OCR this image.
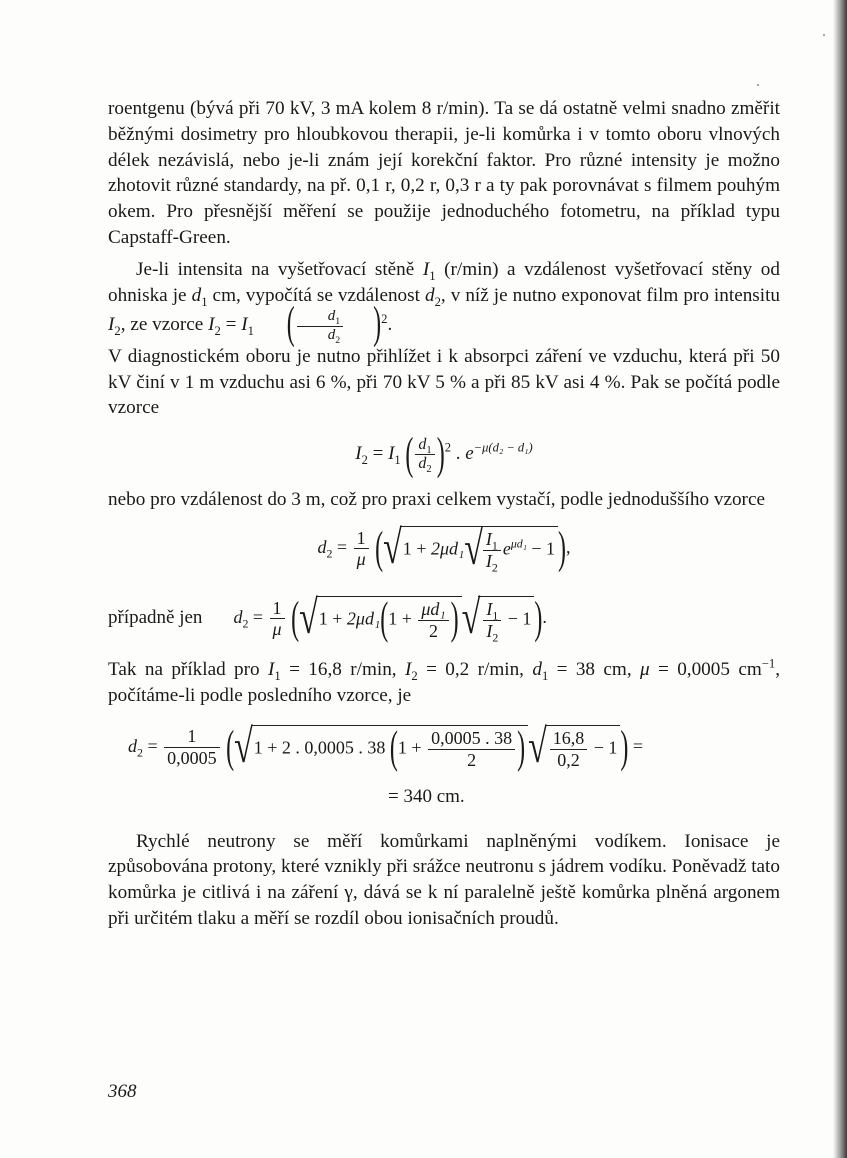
roentgenu (bývá při 70 kV, 3 mA kolem 8 r/min). Ta se dá ostatně velmi snadno změřit běžnými dosimetry pro hloubkovou therapii, je-li komůrka i v tomto oboru vlnových délek nezávislá, nebo je-li znám její korekční faktor. Pro různé intensity je možno zhotovit různé standardy, na př. 0,1 r, 0,2 r, 0,3 r a ty pak porovnávat s filmem pouhým okem. Pro přesnější měření se použije jednoduchého fotometru, na příklad typu Capstaff-Green.

Je-li intensita na vyšetřovací stěně $I_1$ (r/min) a vzdálenost vyšetřovací stěny od ohniska je $d_1$ cm, vypočítá se vzdálenost $d_2$, v níž je nutno exponovat film pro intensitu $I_2$, ze vzorce $I_2 = I_1$ ( $\frac{d_1}{d_2} )^2$.

V diagnostickém oboru je nutno přihlížet i k absorpci záření ve vzduchu, která při 50 kV činí v 1 m vzduchu asi 6 %, při 70 kV 5 % a při 85 kV asi 4 %. Pak se počítá podle vzorce

$I_2 = I_1$ ( $\frac{d_1}{d_2} )^2$ . $e^{-\mu(d_2 - d_1)}$

nebo pro vzdálenost do 3 m, což pro praxi celkem vystačí, podle jednoduššího vzorce

$d_2 = \frac{1}{\mu} (√1 + 2\mu d_1√ \frac{I_1}{I_2} e^{\mu d_1} - 1$ ),
případně jen $d_2 = \frac{1}{\mu} (√1 + 2\mu d_1(1 + \frac{\text{μd₁}}{2}$ )√ $\frac{I_1}{I_2} - 1$ ).

Tak na příklad pro $I_1 = 16,8$ r/min, $I_2 = 0,2$ r/min, $d_1 = 38$ cm, μ = 0,0005 $cm^{-1}$, počítáme-li podle posledního vzorce, je

$d_2 = \frac{1}{0,0005} (√1 + 2$ . 0,0005 . 38 ($1 + \frac{0,0005 . 38}{2}$ )√ $\frac{16,8}{0,2} - 1$ ) =
= 340 cm.

Rychlé neutrony se měří komůrkami naplněnými vodíkem. Ionisace je způsobována protony, které vznikly při srážce neutronu s jádrem vodíku. Poněvadž tato komůrka je citlivá i na záření γ, dává se k ní paralelně ještě komůrka plněná argonem při určitém tlaku a měří se rozdíl obou ionisačních proudů.

368
